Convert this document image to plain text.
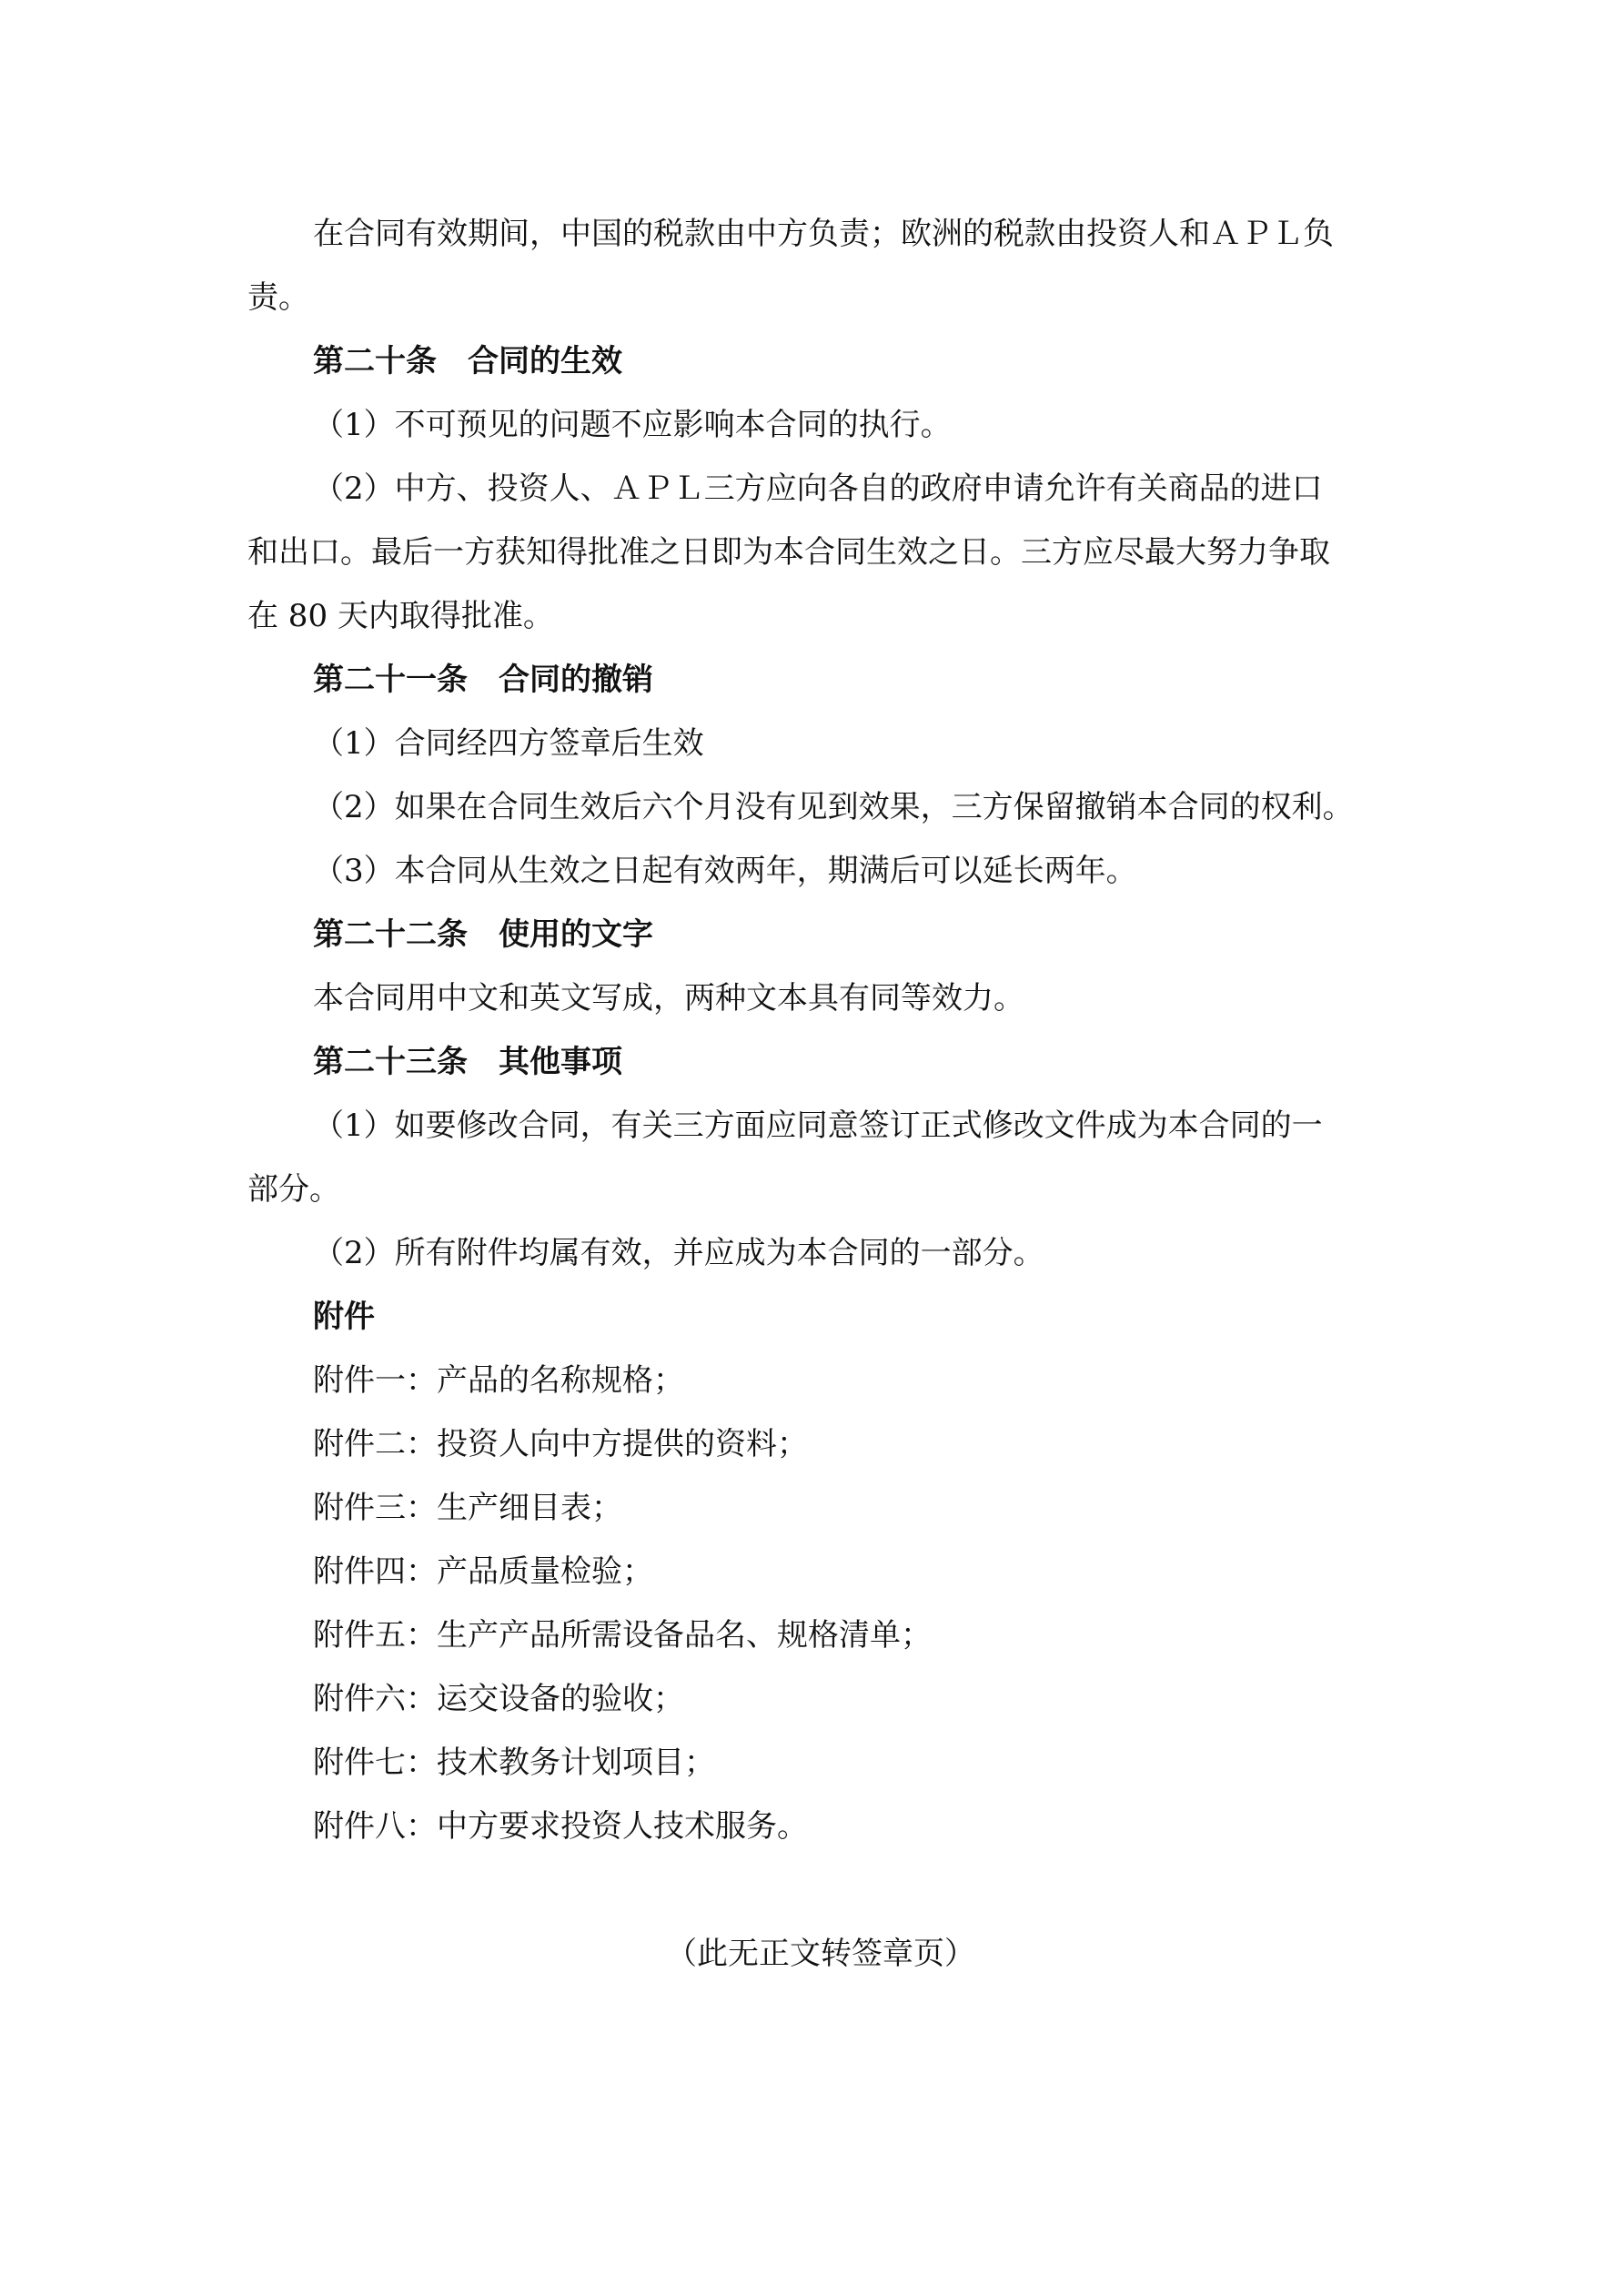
在合同有效期间，中国的税款由中方负责；欧洲的税款由投资人和ＡＰＬ负
责。
第二十条　合同的生效
（1）不可预见的问题不应影响本合同的执行。
（2）中方、投资人、ＡＰＬ三方应向各自的政府申请允许有关商品的进口
和出口。最后一方获知得批准之日即为本合同生效之日。三方应尽最大努力争取
在 80 天内取得批准。
第二十一条　合同的撤销
（1）合同经四方签章后生效
（2）如果在合同生效后六个月没有见到效果，三方保留撤销本合同的权利。
（3）本合同从生效之日起有效两年，期满后可以延长两年。
第二十二条　使用的文字
本合同用中文和英文写成，两种文本具有同等效力。
第二十三条　其他事项
（1）如要修改合同，有关三方面应同意签订正式修改文件成为本合同的一
部分。
（2）所有附件均属有效，并应成为本合同的一部分。
附件
附件一：产品的名称规格；
附件二：投资人向中方提供的资料；
附件三：生产细目表；
附件四：产品质量检验；
附件五：生产产品所需设备品名、规格清单；
附件六：运交设备的验收；
附件七：技术教务计划项目；
附件八：中方要求投资人技术服务。
（此无正文转签章页）
